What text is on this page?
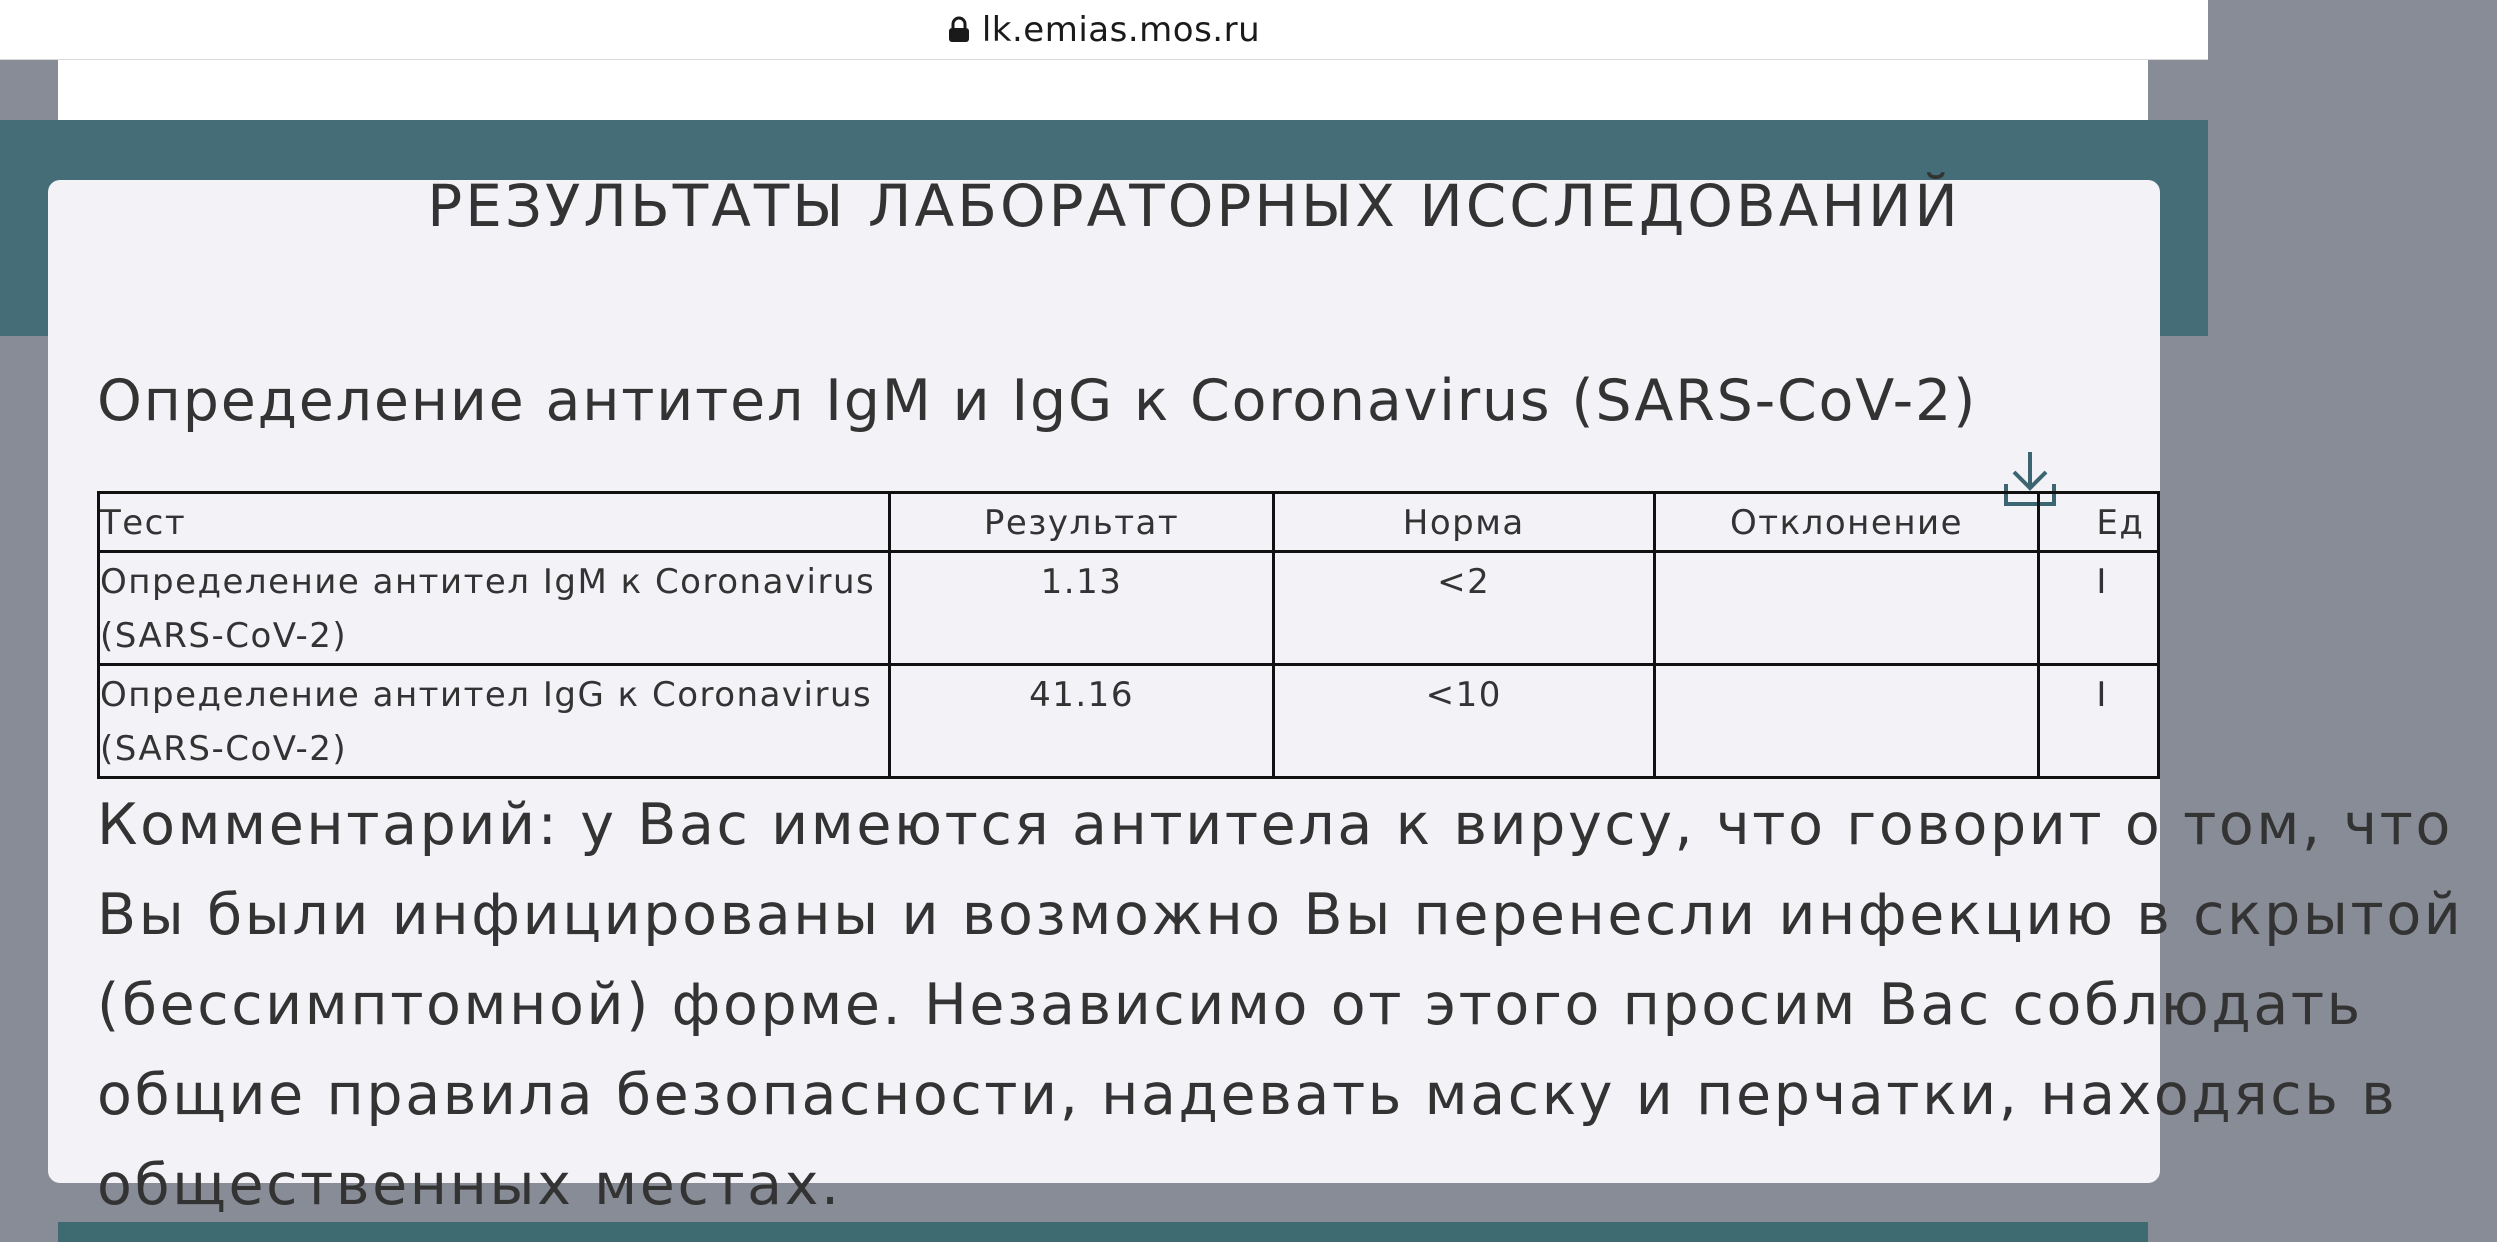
lk.emias.mos.ru
РЕЗУЛЬТАТЫ ЛАБОРАТОРНЫХ ИССЛЕДОВАНИЙ
Определение антител IgM и IgG к Coronavirus (SARS-CoV-2)
Тест	Результат	Норма	Отклонение	Ед
Определение антител IgM к Coronavirus (SARS-CoV-2)	1.13	<2		I
Определение антител IgG к Coronavirus (SARS-CoV-2)	41.16	<10		I
Комментарий: у Вас имеются антитела к вирусу, что говорит о том, что Вы были инфицированы и возможно Вы перенесли инфекцию в скрытой (бессимптомной) форме. Независимо от этого просим Вас соблюдать общие правила безопасности, надевать маску и перчатки, находясь в общественных местах.
